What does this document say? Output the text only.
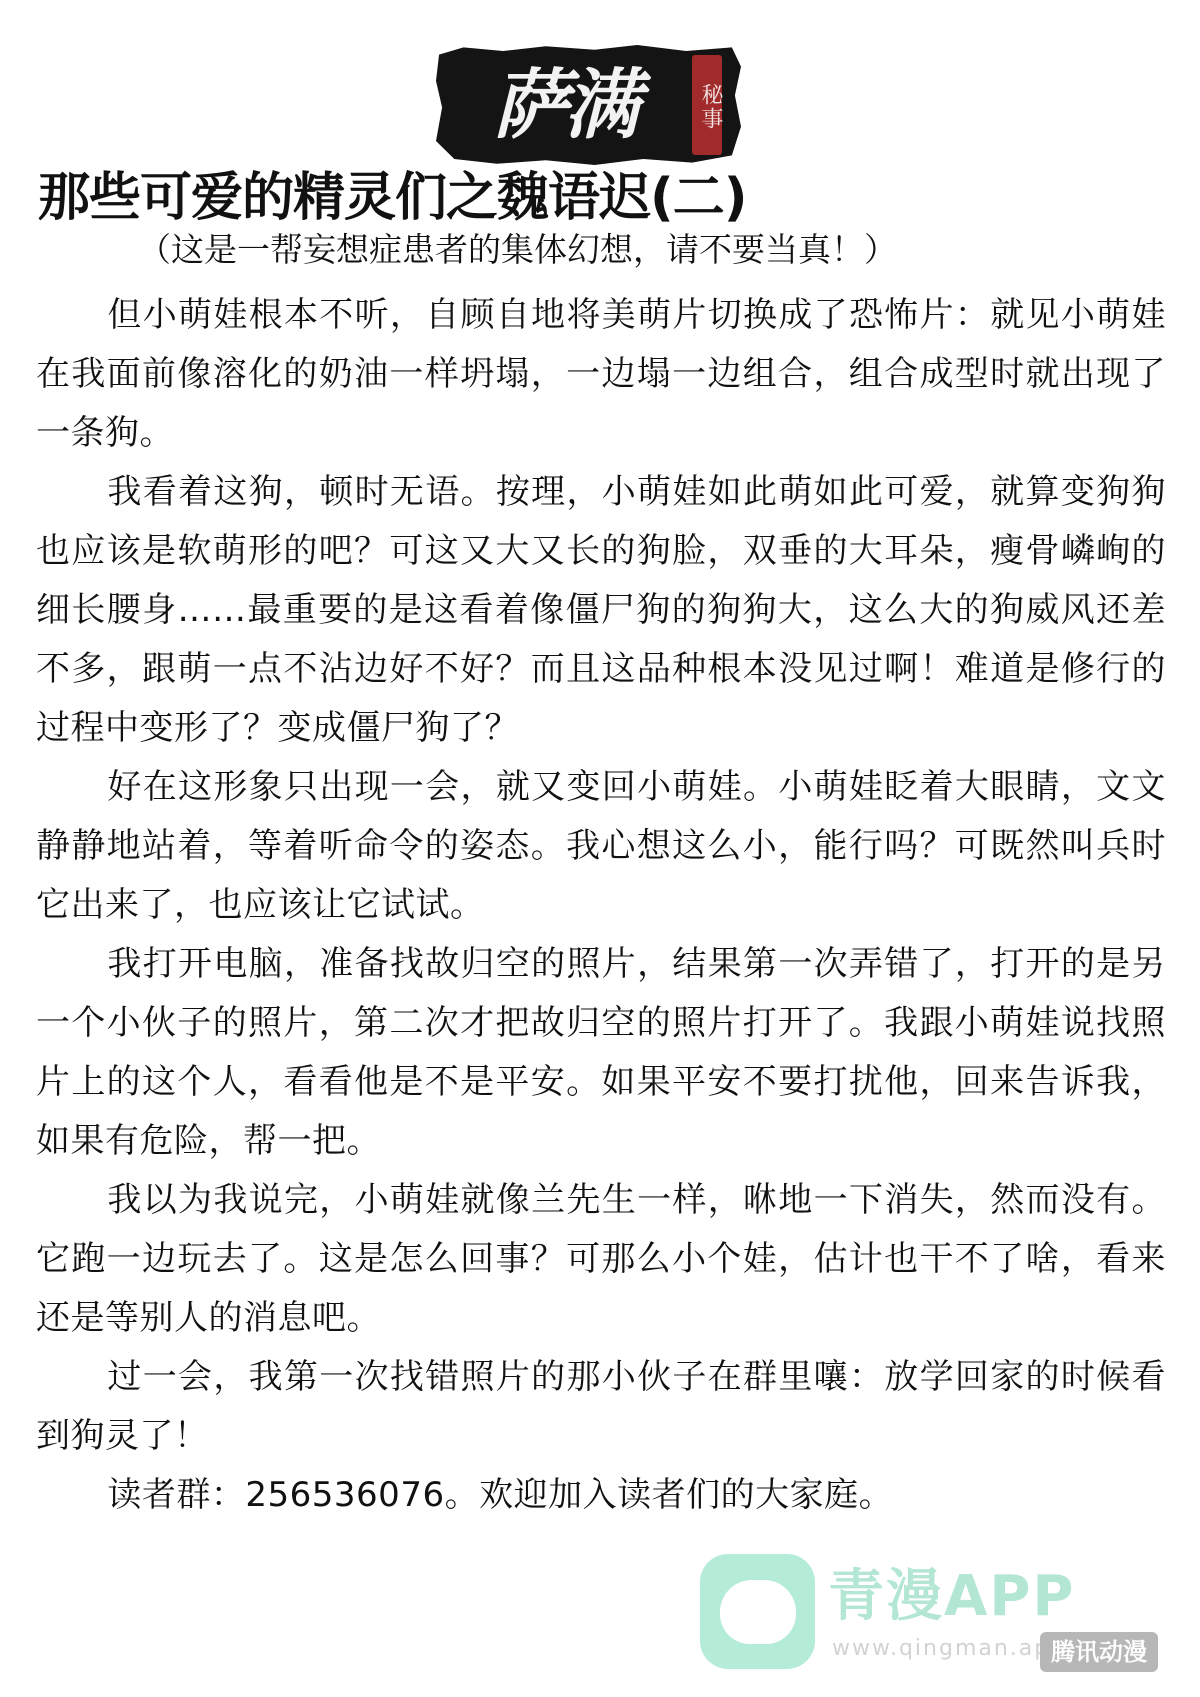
萨满	秘事
那些可爱的精灵们之魏语迟(二)

（这是一帮妄想症患者的集体幻想，请不要当真！）

但小萌娃根本不听，自顾自地将美萌片切换成了恐怖片：就见小萌娃在我面前像溶化的奶油一样坍塌，一边塌一边组合，组合成型时就出现了一条狗。

我看着这狗，顿时无语。按理，小萌娃如此萌如此可爱，就算变狗狗也应该是软萌形的吧？可这又大又长的狗脸，双垂的大耳朵，瘦骨嶙峋的细长腰身……最重要的是这看着像僵尸狗的狗狗大，这么大的狗威风还差不多，跟萌一点不沾边好不好？而且这品种根本没见过啊！难道是修行的过程中变形了？变成僵尸狗了？

好在这形象只出现一会，就又变回小萌娃。小萌娃眨着大眼睛，文文静静地站着，等着听命令的姿态。我心想这么小，能行吗？可既然叫兵时它出来了，也应该让它试试。

我打开电脑，准备找故归空的照片，结果第一次弄错了，打开的是另一个小伙子的照片，第二次才把故归空的照片打开了。我跟小萌娃说找照片上的这个人，看看他是不是平安。如果平安不要打扰他，回来告诉我，如果有危险，帮一把。

我以为我说完，小萌娃就像兰先生一样，咻地一下消失，然而没有。它跑一边玩去了。这是怎么回事？可那么小个娃，估计也干不了啥，看来还是等别人的消息吧。

过一会，我第一次找错照片的那小伙子在群里嚷：放学回家的时候看到狗灵了！

读者群：256536076。欢迎加入读者们的大家庭。

青漫APP
www.qingman.app
腾讯动漫
